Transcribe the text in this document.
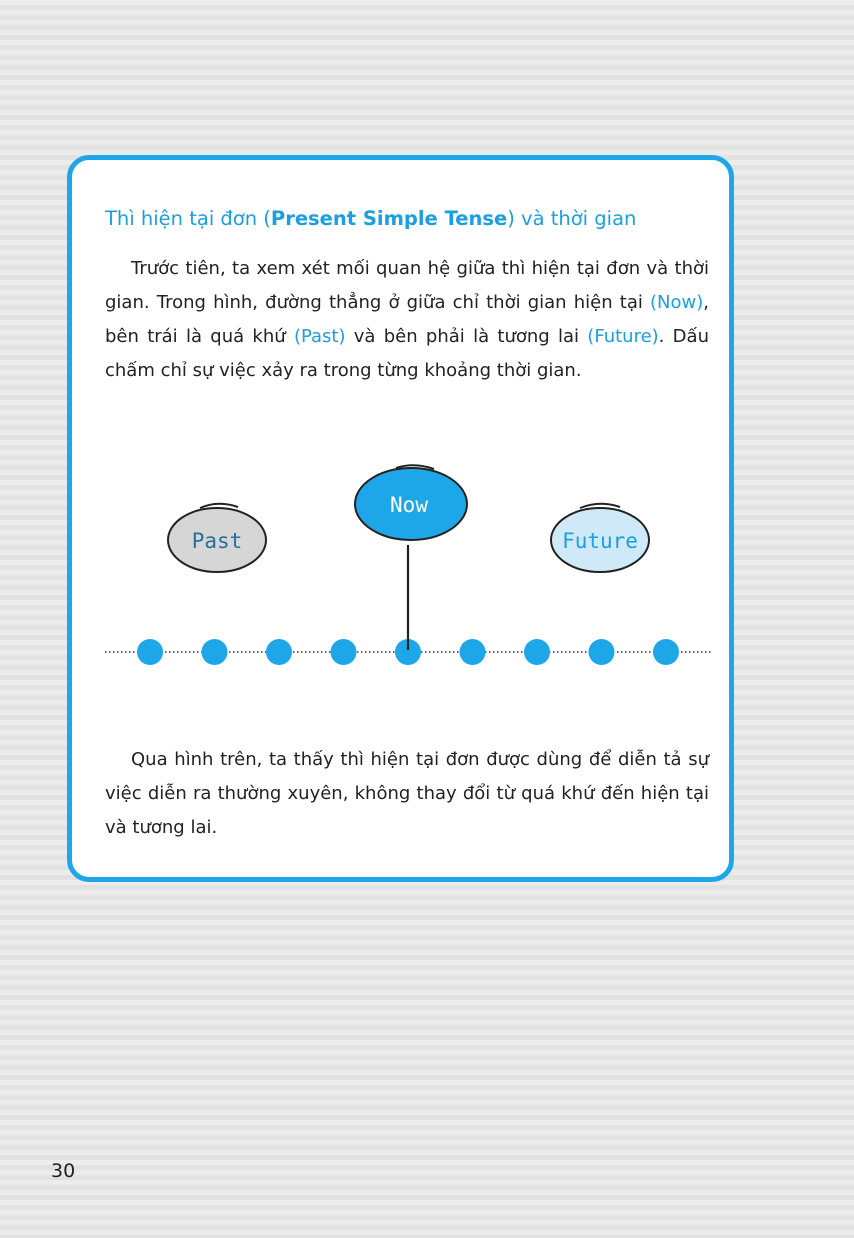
Thì hiện tại đơn (Present Simple Tense) và thời gian

Trước tiên, ta xem xét mối quan hệ giữa thì hiện tại đơn và thời gian. Trong hình, đường thẳng ở giữa chỉ thời gian hiện tại (Now), bên trái là quá khứ (Past) và bên phải là tương lai (Future). Dấu chấm chỉ sự việc xảy ra trong từng khoảng thời gian.

Past
Now
Future

Qua hình trên, ta thấy thì hiện tại đơn được dùng để diễn tả sự việc diễn ra thường xuyên, không thay đổi từ quá khứ đến hiện tại và tương lai.

30
